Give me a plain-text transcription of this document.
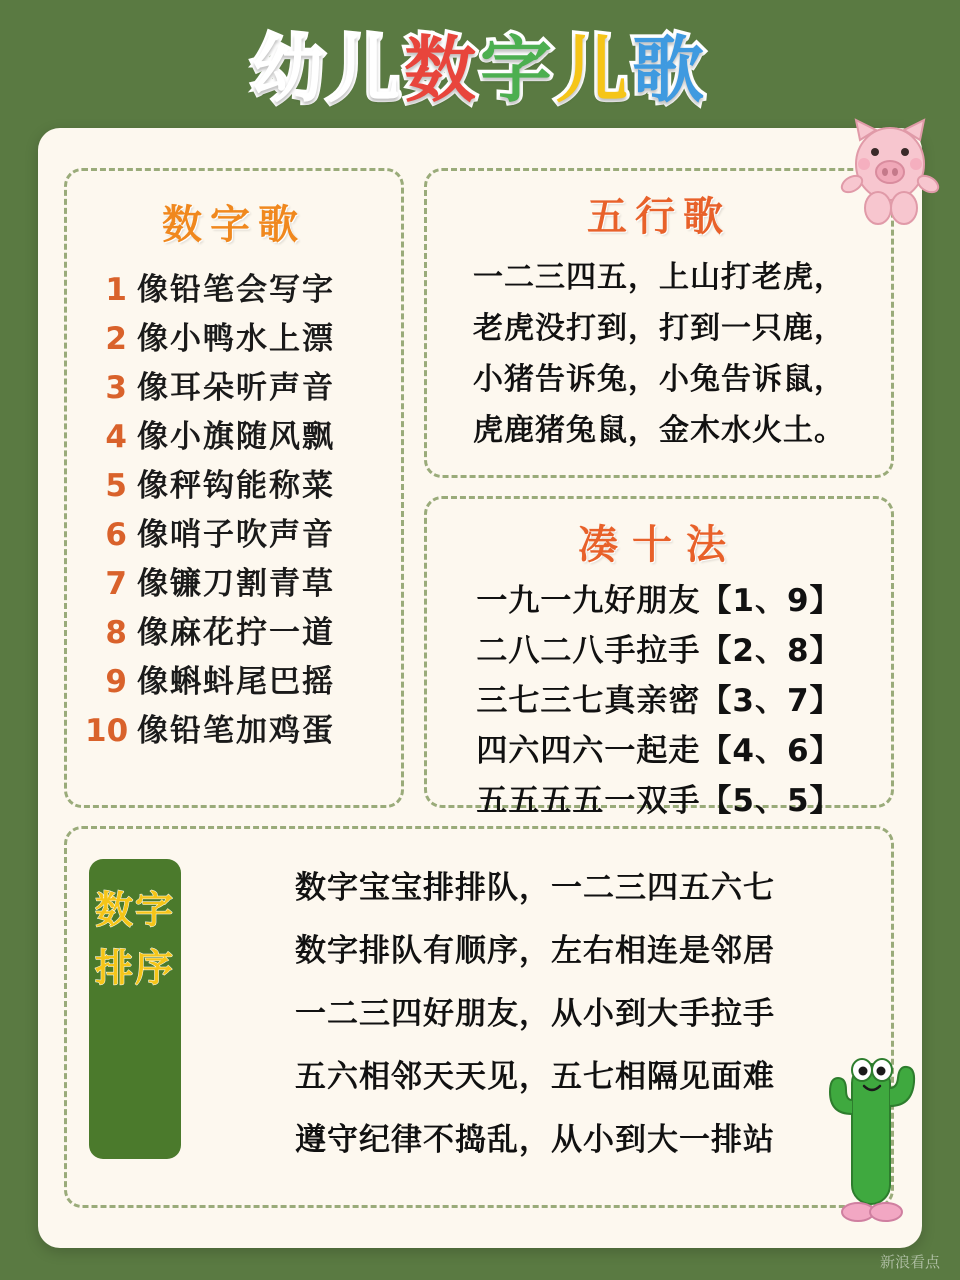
幼儿数字儿歌
数字歌
1 像铅笔会写字
2 像小鸭水上漂
3 像耳朵听声音
4 像小旗随风飘
5 像秤钩能称菜
6 像哨子吹声音
7 像镰刀割青草
8 像麻花拧一道
9 像蝌蚪尾巴摇
10 像铅笔加鸡蛋
五行歌
一二三四五，上山打老虎，
老虎没打到，打到一只鹿，
小猪告诉兔，小兔告诉鼠，
虎鹿猪兔鼠，金木水火土。
凑十法
一九一九好朋友【1、9】
二八二八手拉手【2、8】
三七三七真亲密【3、7】
四六四六一起走【4、6】
五五五五一双手【5、5】
数字排序
数字宝宝排排队，一二三四五六七
数字排队有顺序，左右相连是邻居
一二三四好朋友，从小到大手拉手
五六相邻天天见，五七相隔见面难
遵守纪律不捣乱，从小到大一排站
新浪看点
